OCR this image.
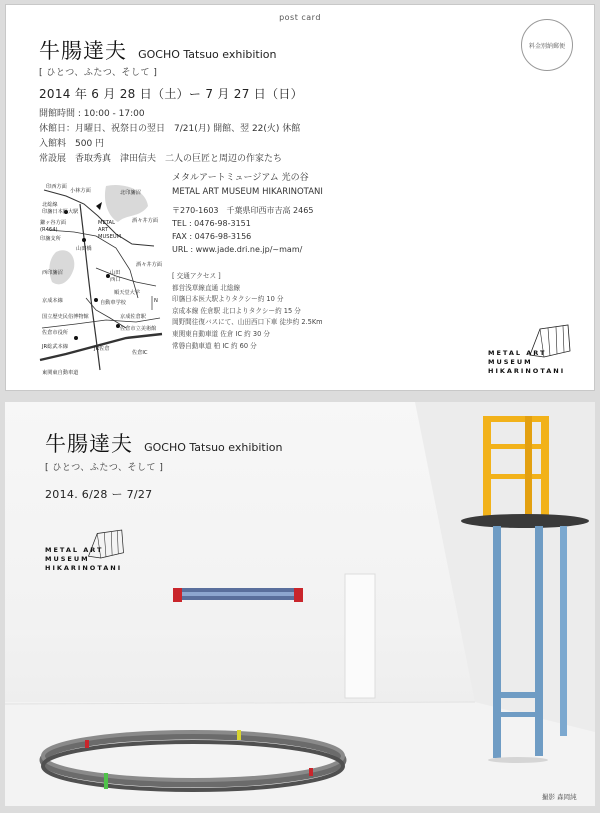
post card
料金別納郵便
牛腸達夫 GOCHO Tatsuo exhibition
[ ひとつ、ふたつ、そして ]
2014 年 6 月 28 日（土）ー 7 月 27 日（日）
開館時間 : 10:00 - 17:00
休館日：月曜日、祝祭日の翌日　7/21(月) 開館、翌 22(火) 休館
入館料　500 円
常設展　香取秀真　津田信夫　二人の巨匠と周辺の作家たち
印西方面
小林方面	北印旛沼
北総線
印旛日本医大駅
鎌ヶ谷方面
(R464)
印旛支所
山田橋
西印旛沼
METAL
ART
MUSEUM
酒々井方面
山田
西口
順天堂大学
酒々井方面
京成本線	自動車学校
国立歴史民俗博物館
佐倉市役所
京成佐倉駅
佐倉市立美術館
JR総武本線	JR佐倉
佐倉IC
東関東自動車道
N
メタルアートミュージアム 光の谷
METAL ART MUSEUM HIKARINOTANI
〒270-1603　千葉県印西市吉高 2465
TEL : 0476-98-3151
FAX : 0476-98-3156
URL : www.jade.dri.ne.jp/~mam/
[ 交通アクセス ]
都営浅草線直通 北総線
印旛日本医大駅よりタクシー約 10 分
京成本線 佐倉駅 北口よりタクシー約 15 分
岡野間往復バスにて、山田西口下車 徒歩約 2.5Km
東関東自動車道 佐倉 IC 約 30 分
常磐自動車道 柏 IC 約 60 分
METAL ART
MUSEUM
HIKARINOTANI
牛腸達夫 GOCHO Tatsuo exhibition
[ ひとつ、ふたつ、そして ]
2014. 6/28 ー 7/27
METAL ART
MUSEUM
HIKARINOTANI
撮影 森岡純
